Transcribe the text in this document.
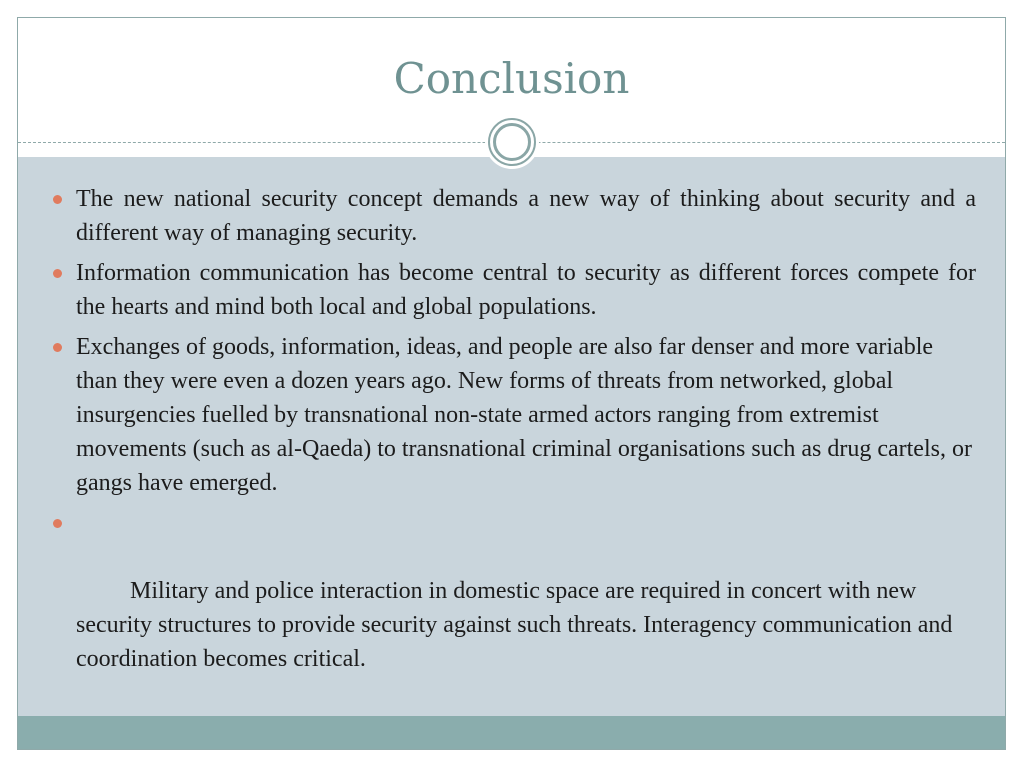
Conclusion
The new national security concept demands a new way of thinking about security and a different way of managing security.
Information communication has become central to security as different forces compete for the hearts and mind both local and global populations.
Exchanges of goods, information, ideas, and people are also far denser and more variable than they were even a dozen years ago. New forms of threats from networked, global insurgencies fuelled by transnational non-state armed actors ranging from extremist movements (such as al-Qaeda) to transnational criminal organisations such as drug cartels, or gangs have emerged.

Military and police interaction in domestic space are required in concert with new security structures to provide security against such threats. Interagency communication and coordination becomes critical.
